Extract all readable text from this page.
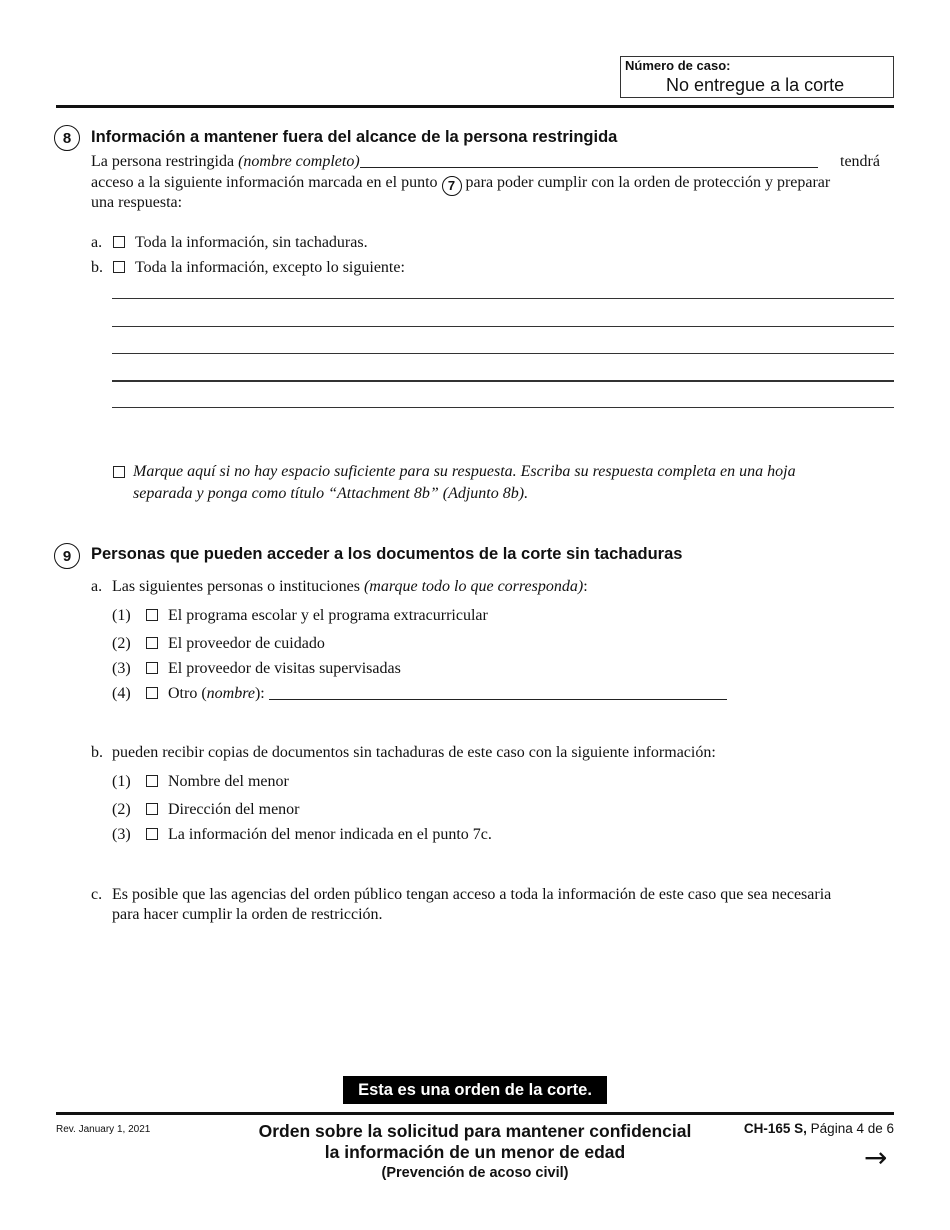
Número de caso:
No entregue a la corte
8	Información a mantener fuera del alcance de la persona restringida
La persona restringida (nombre completo)	tendrá
acceso a la siguiente información marcada en el punto 7 para poder cumplir con la orden de protección y preparar
una respuesta:
a. Toda la información, sin tachaduras.
b. Toda la información, excepto lo siguiente:
Marque aquí si no hay espacio suficiente para su respuesta. Escriba su respuesta completa en una hoja
separada y ponga como título “Attachment 8b” (Adjunto 8b).
9	Personas que pueden acceder a los documentos de la corte sin tachaduras
a. Las siguientes personas o instituciones (marque todo lo que corresponda):
(1) El programa escolar y el programa extracurricular
(2) El proveedor de cuidado
(3) El proveedor de visitas supervisadas
(4) Otro (nombre):
b. pueden recibir copias de documentos sin tachaduras de este caso con la siguiente información:
(1) Nombre del menor
(2) Dirección del menor
(3) La información del menor indicada en el punto 7c.
c. Es posible que las agencias del orden público tengan acceso a toda la información de este caso que sea necesaria
para hacer cumplir la orden de restricción.
Esta es una orden de la corte.
Rev. January 1, 2021	Orden sobre la solicitud para mantener confidencial
la información de un menor de edad
(Prevención de acoso civil)
CH-165 S, Página 4 de 6
→
